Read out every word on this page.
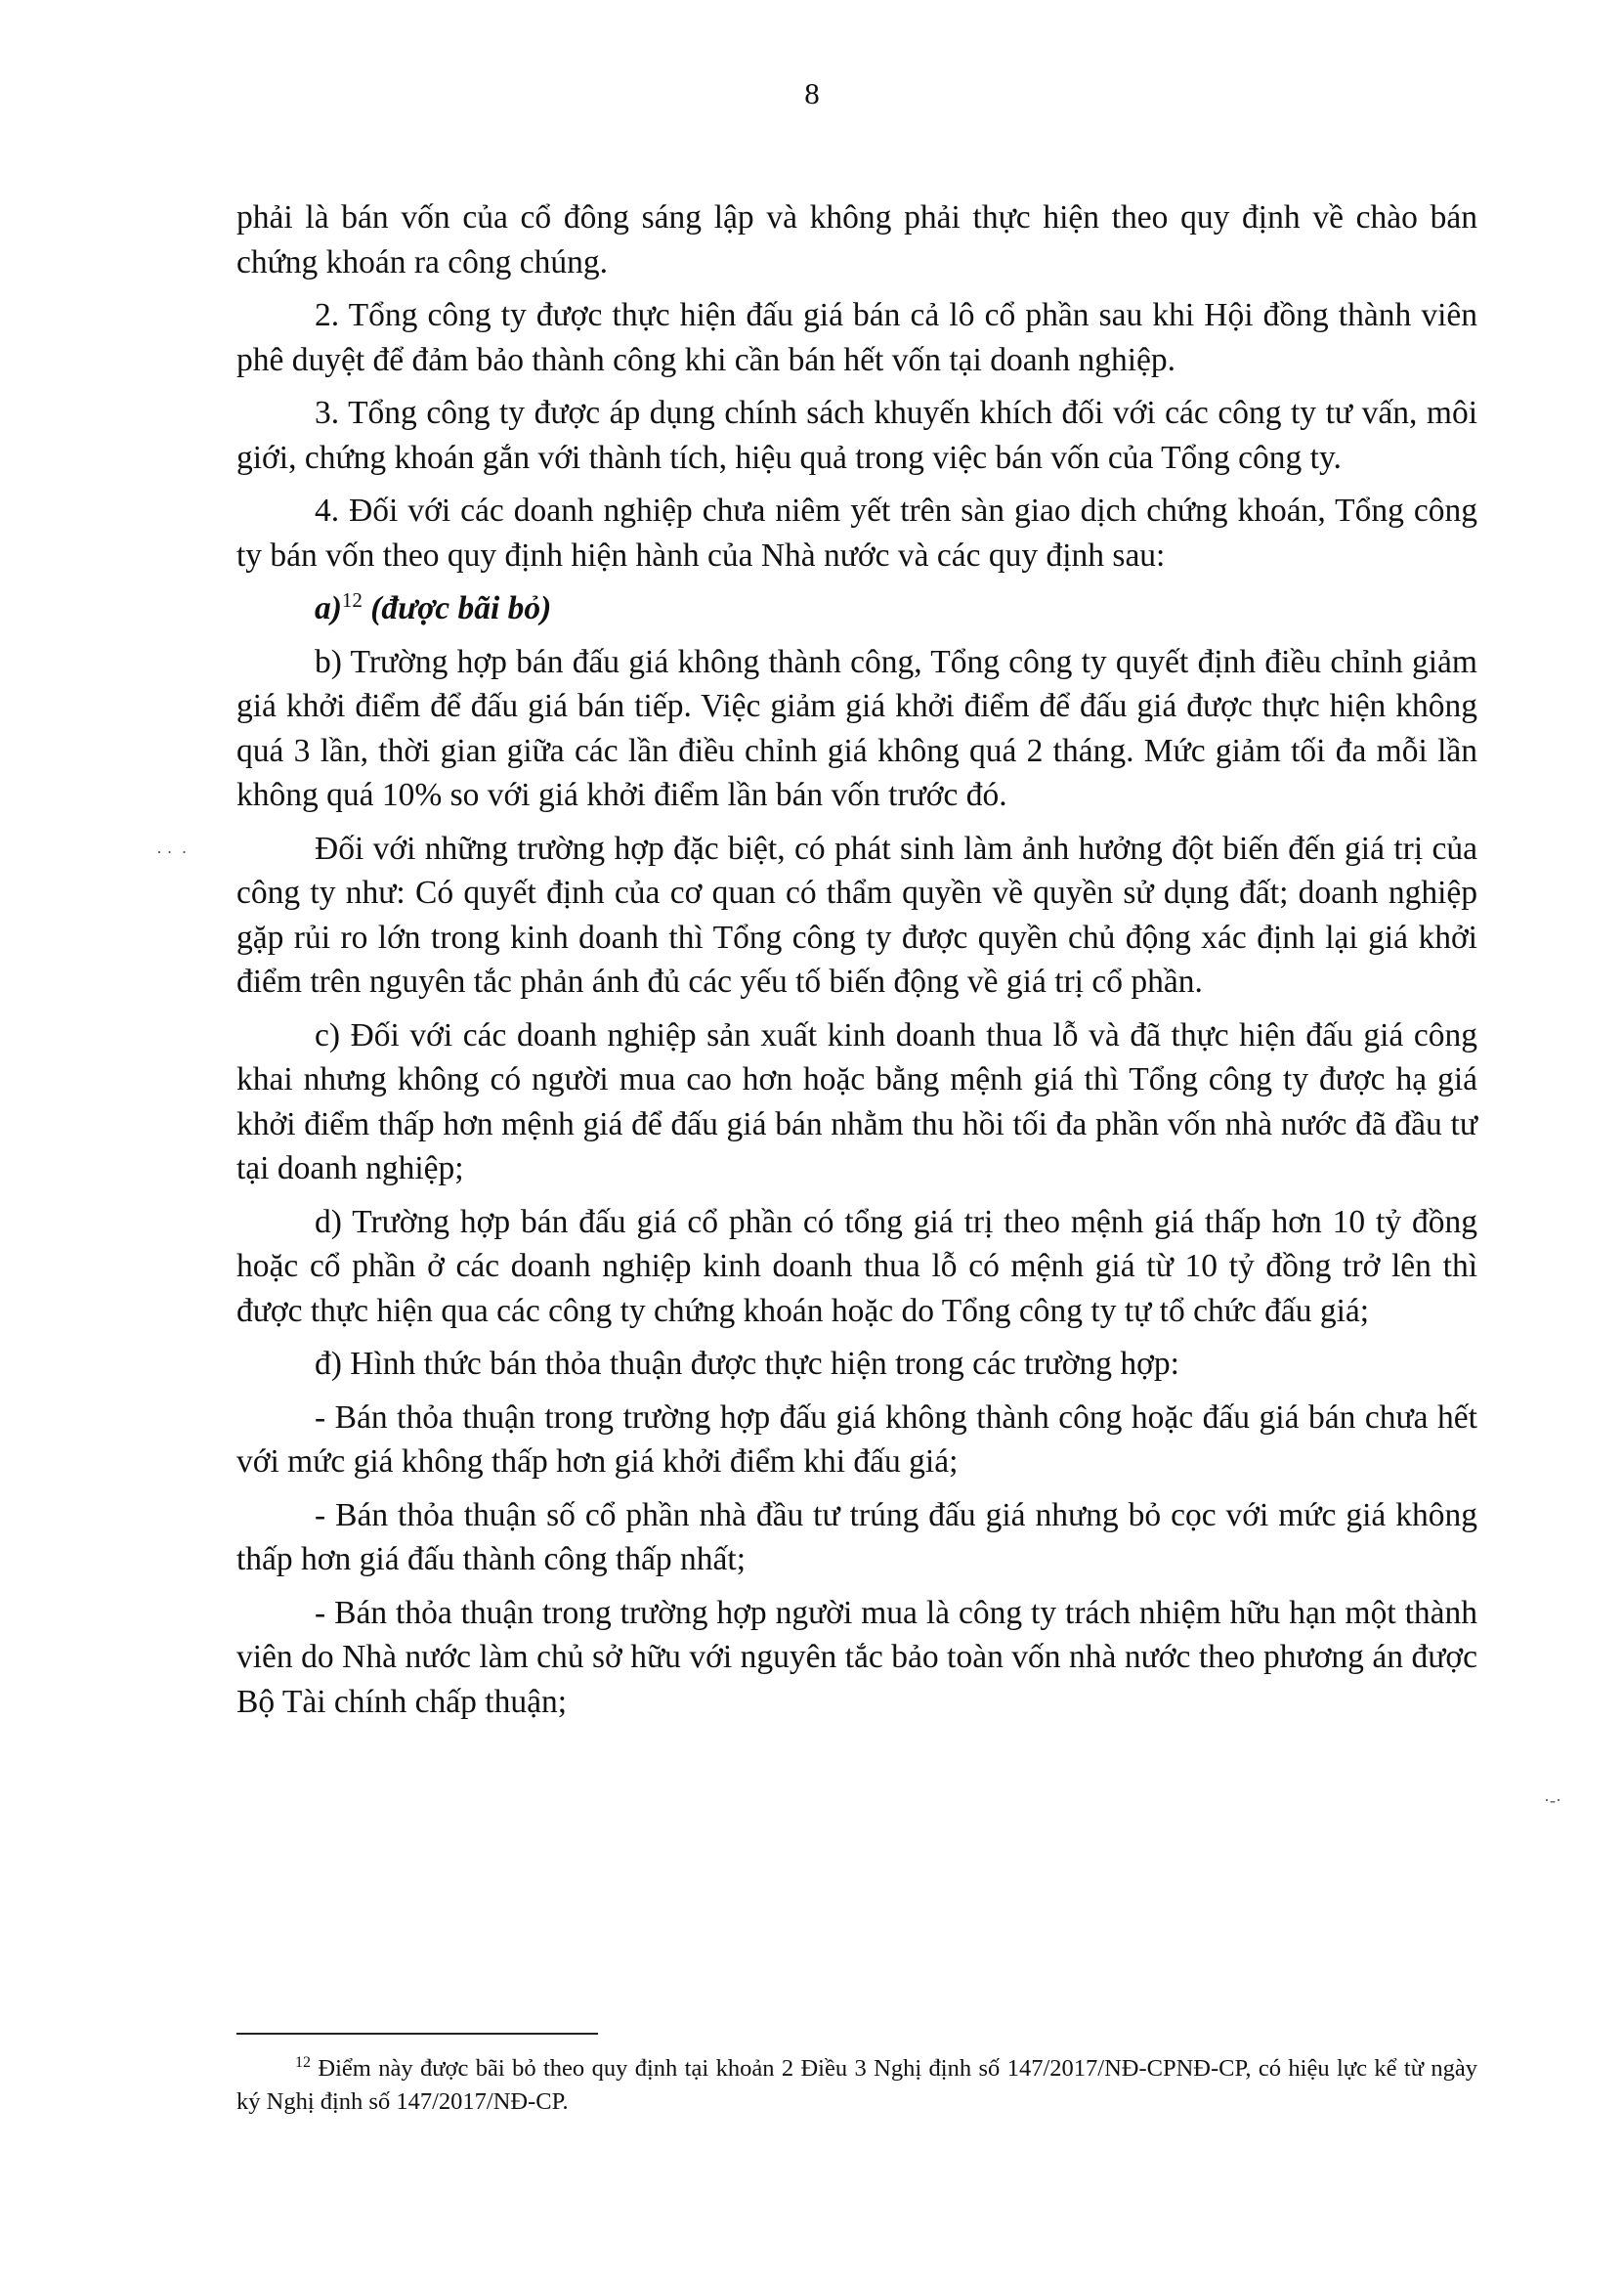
8

phải là bán vốn của cổ đông sáng lập và không phải thực hiện theo quy định về chào bán chứng khoán ra công chúng.

2. Tổng công ty được thực hiện đấu giá bán cả lô cổ phần sau khi Hội đồng thành viên phê duyệt để đảm bảo thành công khi cần bán hết vốn tại doanh nghiệp.

3. Tổng công ty được áp dụng chính sách khuyến khích đối với các công ty tư vấn, môi giới, chứng khoán gắn với thành tích, hiệu quả trong việc bán vốn của Tổng công ty.

4. Đối với các doanh nghiệp chưa niêm yết trên sàn giao dịch chứng khoán, Tổng công ty bán vốn theo quy định hiện hành của Nhà nước và các quy định sau:

a)$^{12}$ (được bãi bỏ)

b) Trường hợp bán đấu giá không thành công, Tổng công ty quyết định điều chỉnh giảm giá khởi điểm để đấu giá bán tiếp. Việc giảm giá khởi điểm để đấu giá được thực hiện không quá 3 lần, thời gian giữa các lần điều chỉnh giá không quá 2 tháng. Mức giảm tối đa mỗi lần không quá 10% so với giá khởi điểm lần bán vốn trước đó.

Đối với những trường hợp đặc biệt, có phát sinh làm ảnh hưởng đột biến đến giá trị của công ty như: Có quyết định của cơ quan có thẩm quyền về quyền sử dụng đất; doanh nghiệp gặp rủi ro lớn trong kinh doanh thì Tổng công ty được quyền chủ động xác định lại giá khởi điểm trên nguyên tắc phản ánh đủ các yếu tố biến động về giá trị cổ phần.

c) Đối với các doanh nghiệp sản xuất kinh doanh thua lỗ và đã thực hiện đấu giá công khai nhưng không có người mua cao hơn hoặc bằng mệnh giá thì Tổng công ty được hạ giá khởi điểm thấp hơn mệnh giá để đấu giá bán nhằm thu hồi tối đa phần vốn nhà nước đã đầu tư tại doanh nghiệp;

d) Trường hợp bán đấu giá cổ phần có tổng giá trị theo mệnh giá thấp hơn 10 tỷ đồng hoặc cổ phần ở các doanh nghiệp kinh doanh thua lỗ có mệnh giá từ 10 tỷ đồng trở lên thì được thực hiện qua các công ty chứng khoán hoặc do Tổng công ty tự tổ chức đấu giá;

đ) Hình thức bán thỏa thuận được thực hiện trong các trường hợp:

- Bán thỏa thuận trong trường hợp đấu giá không thành công hoặc đấu giá bán chưa hết với mức giá không thấp hơn giá khởi điểm khi đấu giá;

- Bán thỏa thuận số cổ phần nhà đầu tư trúng đấu giá nhưng bỏ cọc với mức giá không thấp hơn giá đấu thành công thấp nhất;

- Bán thỏa thuận trong trường hợp người mua là công ty trách nhiệm hữu hạn một thành viên do Nhà nước làm chủ sở hữu với nguyên tắc bảo toàn vốn nhà nước theo phương án được Bộ Tài chính chấp thuận;

$^{12}$ Điểm này được bãi bỏ theo quy định tại khoản 2 Điều 3 Nghị định số 147/2017/NĐ-CPNĐ-CP, có hiệu lực kể từ ngày ký Nghị định số 147/2017/NĐ-CP.
· ·  ·
·‐·
